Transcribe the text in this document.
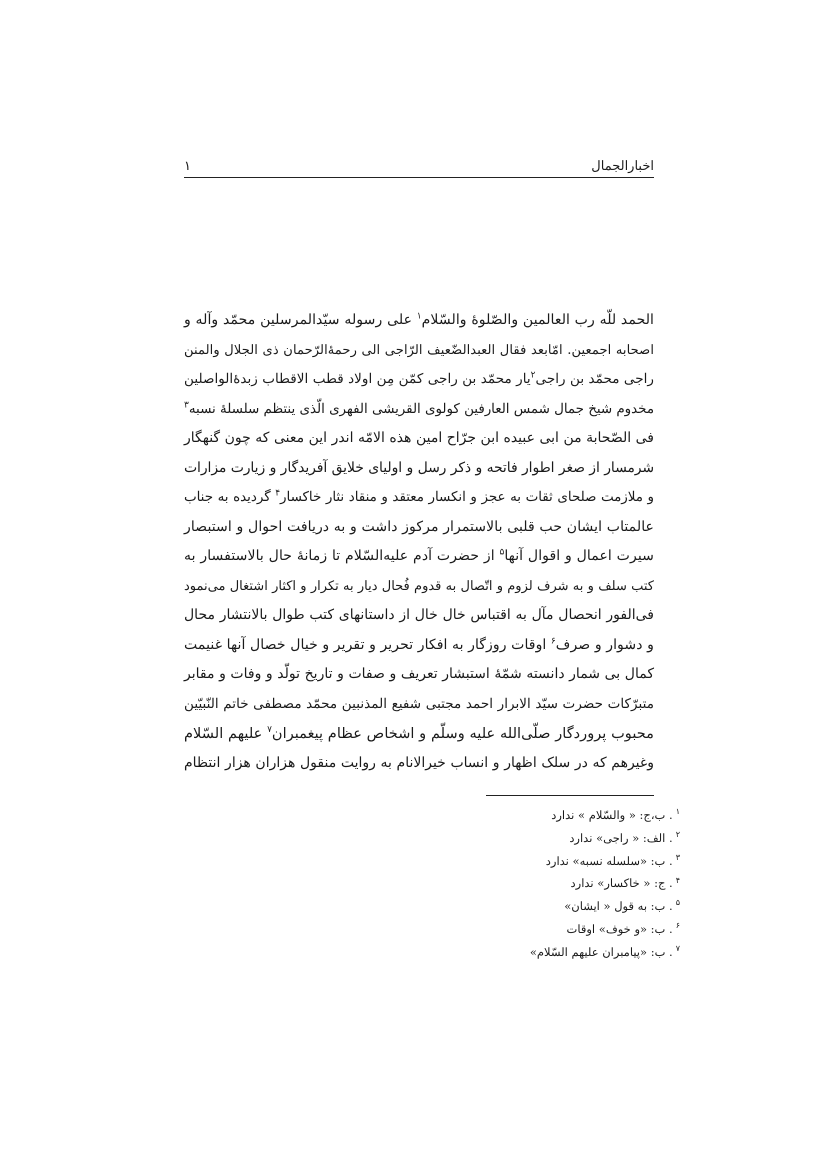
اخبارالجمال
۱
الحمد للّه رب العالمین والصّلوۀ والسّلام$^۱$ علی رسوله سیّدالمرسلین محمّد وآله و
اصحابه اجمعین. امّابعد فقال العبدالضّعیف الرّاجی الی رحمۀالرّحمان ذی الجلال والمنن
راجی محمّد بن راجی$^۲$یار محمّد بن راجی کمّن مِن اولاد قطب الاقطاب زبدۀالواصلین
مخدوم شیخ جمال شمس العارفین کولوی القریشی الفهری الّذی ینتظم سلسلۀ نسبه$^۳$
فی الصّحابة من ابی عبیده ابن جرّاح امین هذه الامّه اندر این معنی که چون گنهگار
شرمسار از صغر اطوار فاتحه و ذکر رسل و اولیای خلایق آفریدگار و زیارت مزارات
و ملازمت صلحای ثقات به عجز و انکسار معتقد و منقاد نثار خاکسار$^۴$ گردیده به جناب
عالمتاب ایشان حب قلبی بالاستمرار مرکوز داشت و به دریافت احوال و استبصار
سیرت اعمال و اقوال آنها$^۵$ از حضرت آدم علیه‌السّلام تا زمانۀ حال بالاستفسار به
کتب سلف و به شرف لزوم و اتّصال به قدوم فُحال دیار به تکرار و اکثار اشتغال می‌نمود
فی‌الفور انحصال مآل به اقتباس خال خال از داستانهای کتب طوال بالانتشار محال
و دشوار و صرف$^۶$ اوقات روزگار به افکار تحریر و تقریر و خیال خصال آنها غنیمت
کمال بی شمار دانسته شمّۀ استبشار تعریف و صفات و تاریخ تولّد و وفات و مقابر
متبرّکات حضرت سیّد الابرار احمد مجتبی شفیع المذنبین محمّد مصطفی خاتم النّبیّین
محبوب پروردگار صلّی‌الله علیه وسلّم و اشخاص عظام پیغمبران$^۷$ علیهم السّلام
وغیرهم که در سلک اظهار و انساب خیرالانام به روایت منقول هزاران هزار انتظام
$^۱$. ب،ج: « والسّلام » ندارد
$^۲$. الف: « راجی» ندارد
$^۳$. ب: «سلسله نسبه» ندارد
$^۴$. ج: « خاکسار» ندارد
$^۵$. ب: به قول « ایشان»
$^۶$. ب: «و خوف» اوقات
$^۷$. ب: «پیامبران علیهم السّلام»
